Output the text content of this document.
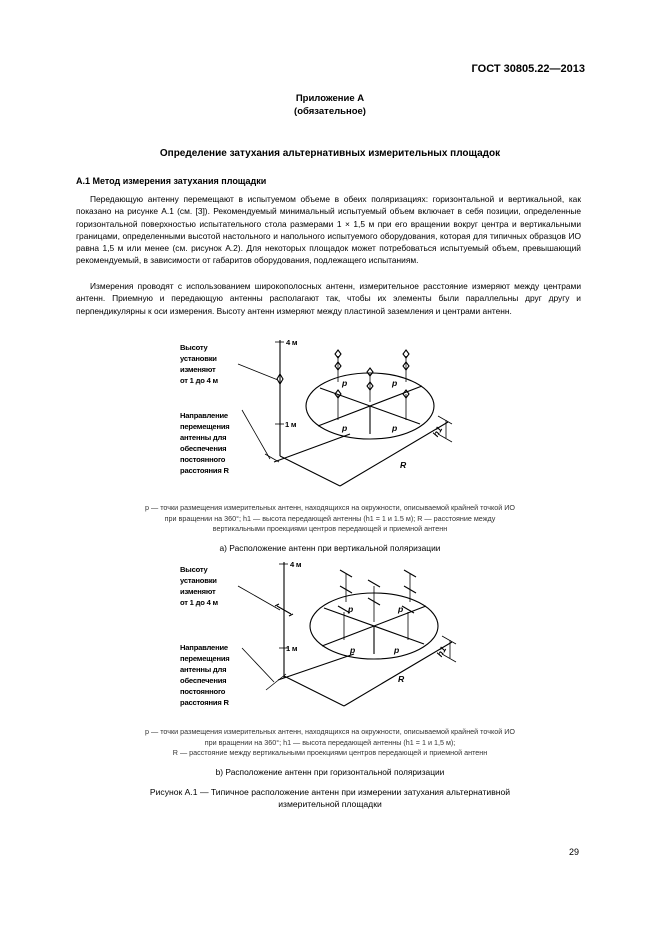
ГОСТ 30805.22—2013
Приложение А
(обязательное)
Определение затухания альтернативных измерительных площадок
А.1 Метод измерения затухания площадки

Передающую антенну перемещают в испытуемом объеме в обеих поляризациях: горизонтальной и вертикальной, как показано на рисунке А.1 (см. [3]). Рекомендуемый минимальный испытуемый объем включает в себя позиции, определенные горизонтальной поверхностью испытательного стола размерами 1 × 1,5 м при его вращении вокруг центра и вертикальными границами, определенными высотой настольного и напольного испытуемого оборудования, которая для типичных образцов ИО равна 1,5 м или менее (см. рисунок А.2). Для некоторых площадок может потребоваться испытуемый объем, превышающий рекомендуемый, в зависимости от габаритов оборудования, подлежащего испытаниям.

Измерения проводят с использованием широкополосных антенн, измерительное расстояние измеряют между центрами антенн. Приемную и передающую антенны располагают так, чтобы их элементы были параллельны друг другу и перпендикулярны к оси измерения. Высоту антенн измеряют между пластиной заземления и центрами антенн.

Высоту
установки
изменяют
от 1 до 4 м
Направление
перемещения
антенны для
обеспечения
постоянного
расстояния R
4 м
1 м
p	p
p	p	h1
R
p — точки размещения измерительных антенн, находящихся на окружности, описываемой крайней точкой ИО
при вращении на 360°; h1 — высота передающей антенны (h1 = 1 и 1.5 м); R — расстояние между
вертикальными проекциями центров передающей и приемной антенн
а) Расположение антенн при вертикальной поляризации
Высоту
установки
изменяют
от 1 до 4 м
Направление
перемещения
антенны для
обеспечения
постоянного
расстояния R
4 м
1 м
p	p
p	p	h1
R
p — точки размещения измерительных антенн, находящихся на окружности, описываемой крайней точкой ИО
при вращении на 360°; h1 — высота передающей антенны (h1 = 1 и 1,5 м);
R — расстояние между вертикальными проекциями центров передающей и приемной антенн
b) Расположение антенн при горизонтальной поляризации
Рисунок А.1 — Типичное расположение антенн при измерении затухания альтернативной
измерительной площадки
29
